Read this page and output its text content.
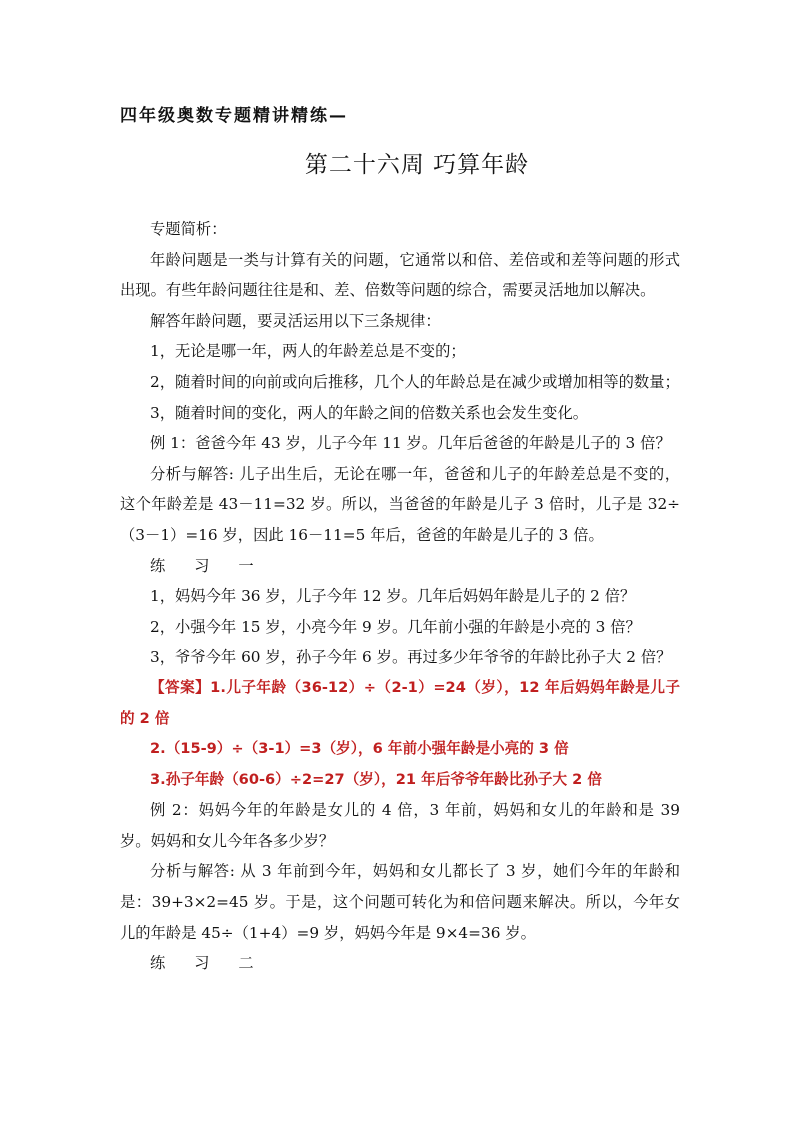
四年级奥数专题精讲精练—
第二十六周 巧算年龄

专题简析：

年龄问题是一类与计算有关的问题，它通常以和倍、差倍或和差等问题的形式出现。有些年龄问题往往是和、差、倍数等问题的综合，需要灵活地加以解决。

解答年龄问题，要灵活运用以下三条规律：

1，无论是哪一年，两人的年龄差总是不变的；

2，随着时间的向前或向后推移，几个人的年龄总是在减少或增加相等的数量；

3，随着时间的变化，两人的年龄之间的倍数关系也会发生变化。

例 1：爸爸今年 43 岁，儿子今年 11 岁。几年后爸爸的年龄是儿子的 3 倍？

分析与解答: 儿子出生后，无论在哪一年，爸爸和儿子的年龄差总是不变的，这个年龄差是 43－11=32 岁。所以，当爸爸的年龄是儿子 3 倍时，儿子是 32÷（3－1）=16 岁，因此 16－11=5 年后，爸爸的年龄是儿子的 3 倍。

练 习 一

1，妈妈今年 36 岁，儿子今年 12 岁。几年后妈妈年龄是儿子的 2 倍？

2，小强今年 15 岁，小亮今年 9 岁。几年前小强的年龄是小亮的 3 倍？

3，爷爷今年 60 岁，孙子今年 6 岁。再过多少年爷爷的年龄比孙子大 2 倍？

【答案】1.儿子年龄（36-12）÷（2-1）=24（岁），12 年后妈妈年龄是儿子的 2 倍

2.（15-9）÷（3-1）=3（岁），6 年前小强年龄是小亮的 3 倍

3.孙子年龄（60-6）÷2=27（岁），21 年后爷爷年龄比孙子大 2 倍

例 2：妈妈今年的年龄是女儿的 4 倍，3 年前，妈妈和女儿的年龄和是 39 岁。妈妈和女儿今年各多少岁？

分析与解答: 从 3 年前到今年，妈妈和女儿都长了 3 岁，她们今年的年龄和是：39+3×2=45 岁。于是，这个问题可转化为和倍问题来解决。所以，今年女儿的年龄是 45÷（1+4）=9 岁，妈妈今年是 9×4=36 岁。

练 习 二
